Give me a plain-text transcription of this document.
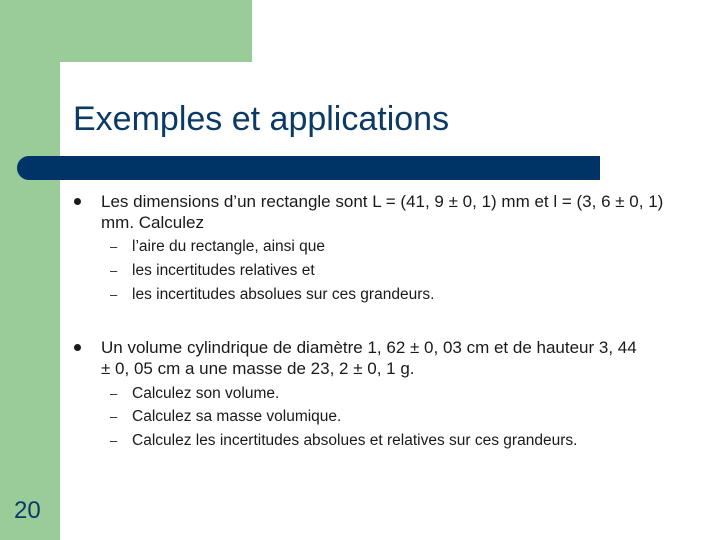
Exemples et applications
Les dimensions d’un rectangle sont L = (41, 9 ± 0, 1) mm et l = (3, 6 ± 0, 1) mm. Calculez
– l’aire du rectangle, ainsi que
– les incertitudes relatives et
– les incertitudes absolues sur ces grandeurs.
Un volume cylindrique de diamètre 1, 62 ± 0, 03 cm et de hauteur 3, 44 ± 0, 05 cm a une masse de 23, 2 ± 0, 1 g.
– Calculez son volume.
– Calculez sa masse volumique.
– Calculez les incertitudes absolues et relatives sur ces grandeurs.
20
